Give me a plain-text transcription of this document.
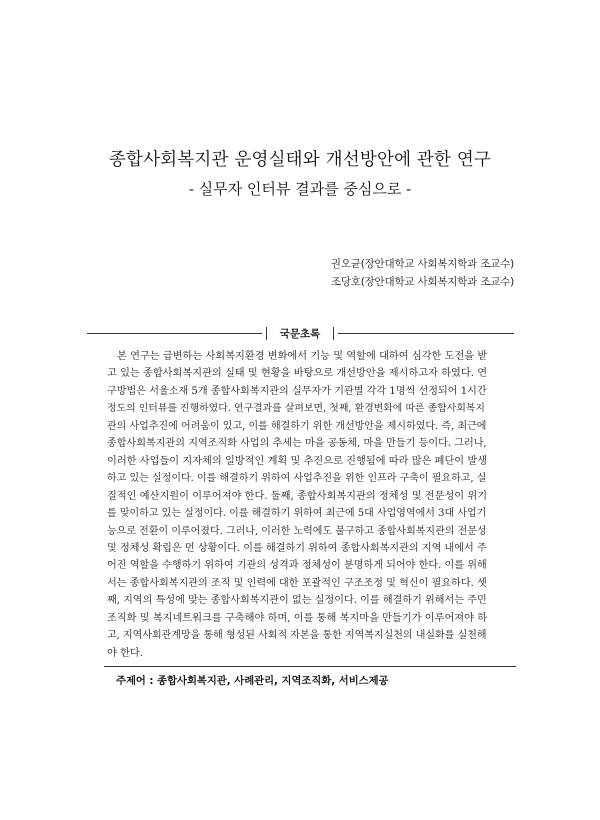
종합사회복지관 운영실태와 개선방안에 관한 연구
- 실무자 인터뷰 결과를 중심으로 -
권오균(장안대학교 사회복지학과 조교수)
조당호(장안대학교 사회복지학과 조교수)
국문초록
본 연구는 급변하는 사회복지환경 변화에서 기능 및 역할에 대하여 심각한 도전을 받
고 있는 종합사회복지관의 실태 및 현황을 바탕으로 개선방안을 제시하고자 하였다. 연
구방법은 서울소재 5개 종합사회복지관의 실무자가 기관별 각각 1명씩 선정되어 1시간
정도의 인터뷰를 진행하였다. 연구결과를 살펴보면, 첫째, 환경변화에 따른 종합사회복지
관의 사업추진에 어려움이 있고, 이를 해결하기 위한 개선방안을 제시하였다. 즉, 최근에
종합사회복지관의 지역조직화 사업의 추세는 마을 공동체, 마을 만들기 등이다. 그러나,
이러한 사업들이 지자체의 일방적인 계획 및 추진으로 진행됨에 따라 많은 폐단이 발생
하고 있는 실정이다. 이를 해결하기 위하여 사업추진을 위한 인프라 구축이 필요하고, 실
질적인 예산지원이 이루어져야 한다. 둘째, 종합사회복지관의 정체성 및 전문성이 위기
를 맞이하고 있는 실정이다. 이를 해결하기 위하여 최근에 5대 사업영역에서 3대 사업기
능으로 전환이 이루어졌다. 그러나, 이러한 노력에도 불구하고 종합사회복지관의 전문성
및 정체성 확립은 먼 상황이다. 이를 해결하기 위하여 종합사회복지관의 지역 내에서 주
어진 역할을 수행하기 위하여 기관의 성격과 정체성이 분명하게 되어야 한다. 이를 위해
서는 종합사회복지관의 조직 및 인력에 대한 포괄적인 구조조정 및 혁신이 필요하다. 셋
째, 지역의 특성에 맞는 종합사회복지관이 없는 실정이다. 이를 해결하기 위해서는 주민
조직화 및 복지네트워크를 구축해야 하며, 이를 통해 복지마을 만들기가 이루어져야 하
고, 지역사회관계망을 통해 형성된 사회적 자본을 통한 지역복지실천의 내실화를 실천해
야 한다.
주제어 : 종합사회복지관, 사례관리, 지역조직화, 서비스제공
